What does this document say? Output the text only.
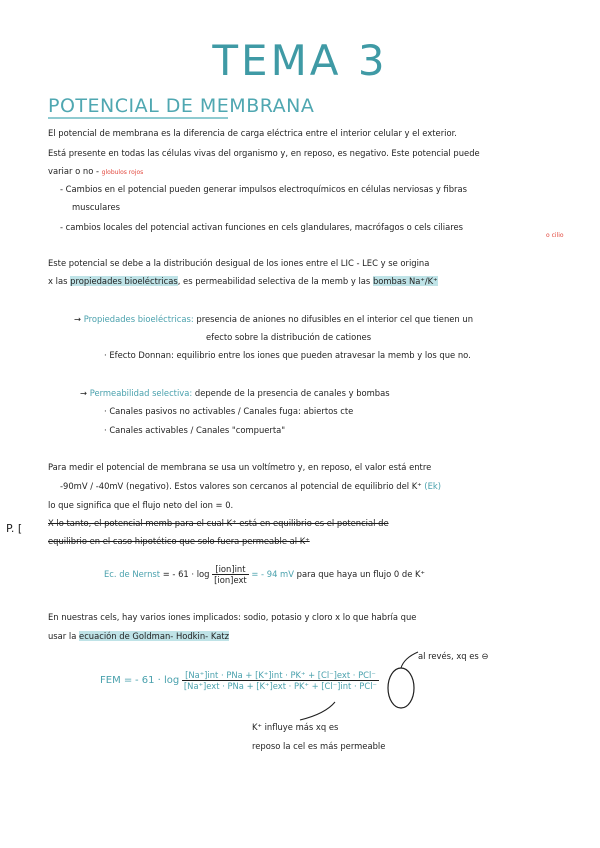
TEMA 3
POTENCIAL DE MEMBRANA
El potencial de membrana es la diferencia de carga eléctrica entre el interior celular y el exterior.
Está presente en todas las células vivas del organismo y, en reposo, es negativo. Este potencial puede
variar o no - globulos rojos
- Cambios en el potencial pueden generar impulsos electroquímicos en células nerviosas y fibras
musculares
- cambios locales del potencial activan funciones en cels glandulares, macrófagos o cels ciliares
o cilio
Este potencial se debe a la distribución desigual de los iones entre el LIC - LEC y se origina
x las propiedades bioeléctricas, es permeabilidad selectiva de la memb y las bombas Na⁺/K⁺
→ Propiedades bioeléctricas: presencia de aniones no difusibles en el interior cel que tienen un
efecto sobre la distribución de cationes
· Efecto Donnan: equilibrio entre los iones que pueden atravesar la memb y los que no.
→ Permeabilidad selectiva: depende de la presencia de canales y bombas
· Canales pasivos no activables / Canales fuga: abiertos cte
· Canales activables / Canales "compuerta"
Para medir el potencial de membrana se usa un voltímetro y, en reposo, el valor está entre
-90mV / -40mV (negativo). Estos valores son cercanos al potencial de equilibrio del K⁺ (Ek)
lo que significa que el flujo neto del ion = 0.
P. [	X lo tanto, el potencial memb para el cual K⁺ está en equilibrio es el potencial de
equilibrio en el caso hipotético que solo fuera permeable al K⁺
Ec. de Nernst = - $61 \cdot \log \frac{\text{[ion]int}}{\text{[ion]ext}}$ = - 94 mV para que haya un flujo 0 de K⁺
En nuestras cels, hay varios iones implicados: sodio, potasio y cloro x lo que habría que
usar la ecuación de Goldman- Hodkin- Katz
al revés, xq es ⊖
FEM = - $61 \cdot \log \frac{\text{[Na⁺]int · PNa + [K⁺]int · PK⁺ + [Cl⁻]ext · PCl⁻}}{\text{[Na⁺]ext · PNa + [K⁺]ext · PK⁺ + [Cl⁻]int · PCl⁻}}$
K⁺ influye más xq es
reposo la cel es más permeable
